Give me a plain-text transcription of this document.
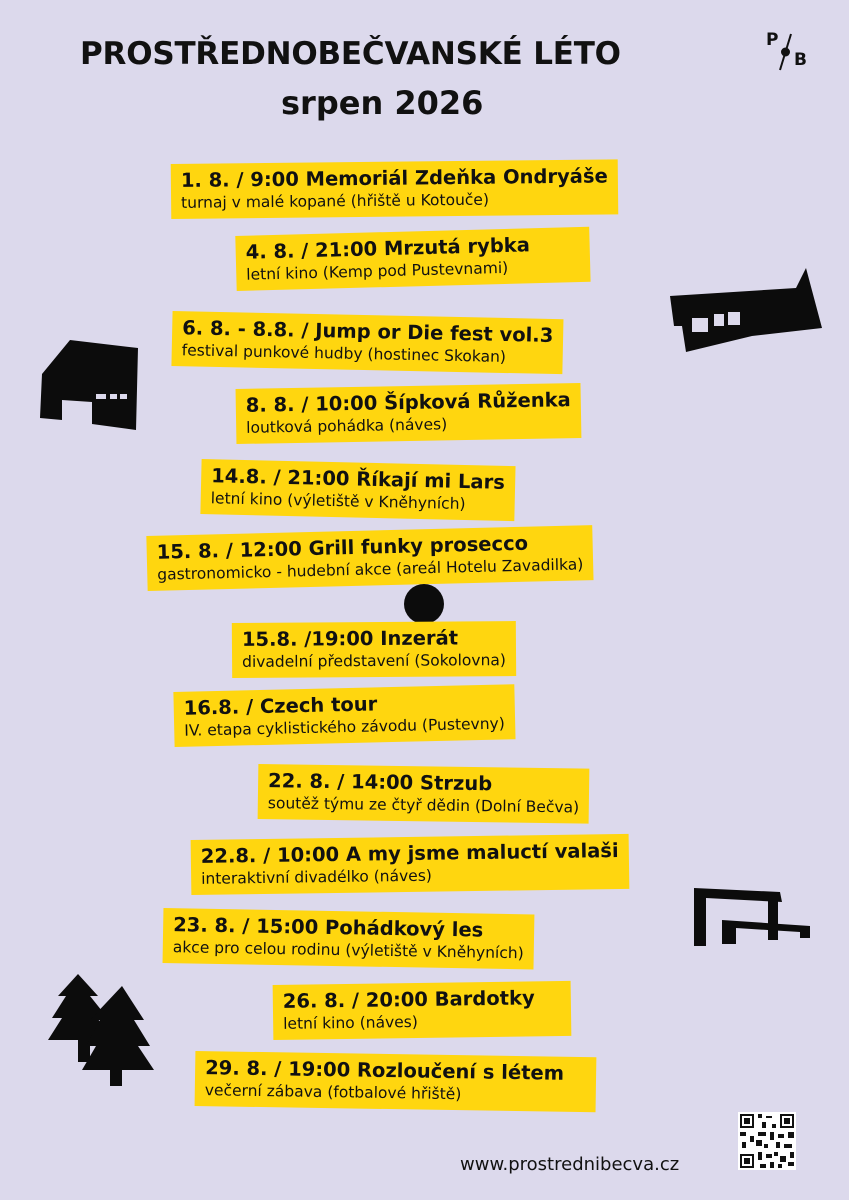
PROSTŘEDNOBEČVANSKÉ LÉTO
srpen 2026
P
B
1. 8. / 9:00 Memoriál Zdeňka Ondryáše
turnaj v malé kopané (hřiště u Kotouče)
4. 8. / 21:00 Mrzutá rybka
letní kino (Kemp pod Pustevnami)
6. 8. - 8.8. / Jump or Die fest vol.3
festival punkové hudby (hostinec Skokan)
8. 8. / 10:00 Šípková Růženka
loutková pohádka (náves)
14.8. / 21:00 Říkají mi Lars
letní kino (výletiště v Kněhyních)
15. 8. / 12:00 Grill funky prosecco
gastronomicko - hudební akce (areál Hotelu Zavadilka)
15.8. /19:00 Inzerát
divadelní představení (Sokolovna)
16.8. / Czech tour
IV. etapa cyklistického závodu (Pustevny)
22. 8. / 14:00 Strzub
soutěž týmu ze čtyř dědin (Dolní Bečva)
22.8. / 10:00 A my jsme maluctí valaši
interaktivní divadélko (náves)
23. 8. / 15:00 Pohádkový les
akce pro celou rodinu (výletiště v Kněhyních)
26. 8. / 20:00 Bardotky
letní kino (náves)
29. 8. / 19:00 Rozloučení s létem
večerní zábava (fotbalové hřiště)
www.prostrednibecva.cz
